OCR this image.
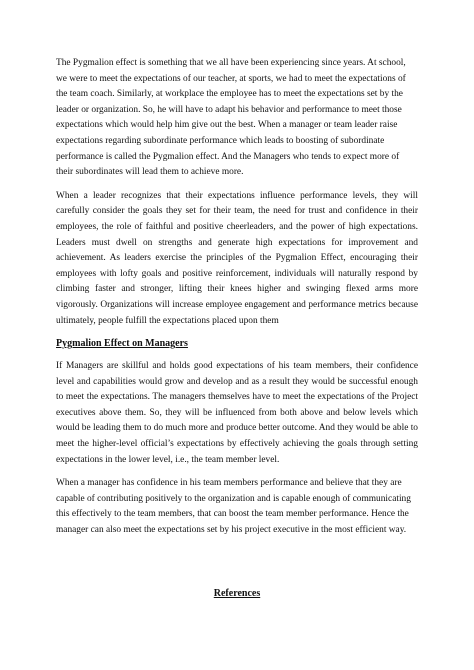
The Pygmalion effect is something that we all have been experiencing since years. At school, we were to meet the expectations of our teacher, at sports, we had to meet the expectations of the team coach. Similarly, at workplace the employee has to meet the expectations set by the leader or organization. So, he will have to adapt his behavior and performance to meet those expectations which would help him give out the best. When a manager or team leader raise expectations regarding subordinate performance which leads to boosting of subordinate performance is called the Pygmalion effect. And the Managers who tends to expect more of their subordinates will lead them to achieve more.

When a leader recognizes that their expectations influence performance levels, they will carefully consider the goals they set for their team, the need for trust and confidence in their employees, the role of faithful and positive cheerleaders, and the power of high expectations. Leaders must dwell on strengths and generate high expectations for improvement and achievement. As leaders exercise the principles of the Pygmalion Effect, encouraging their employees with lofty goals and positive reinforcement, individuals will naturally respond by climbing faster and stronger, lifting their knees higher and swinging flexed arms more vigorously. Organizations will increase employee engagement and performance metrics because ultimately, people fulfill the expectations placed upon them

Pygmalion Effect on Managers

If Managers are skillful and holds good expectations of his team members, their confidence level and capabilities would grow and develop and as a result they would be successful enough to meet the expectations. The managers themselves have to meet the expectations of the Project executives above them. So, they will be influenced from both above and below levels which would be leading them to do much more and produce better outcome. And they would be able to meet the higher-level official’s expectations by effectively achieving the goals through setting expectations in the lower level, i.e., the team member level.

When a manager has confidence in his team members performance and believe that they are capable of contributing positively to the organization and is capable enough of communicating this effectively to the team members, that can boost the team member performance. Hence the manager can also meet the expectations set by his project executive in the most efficient way.

References
